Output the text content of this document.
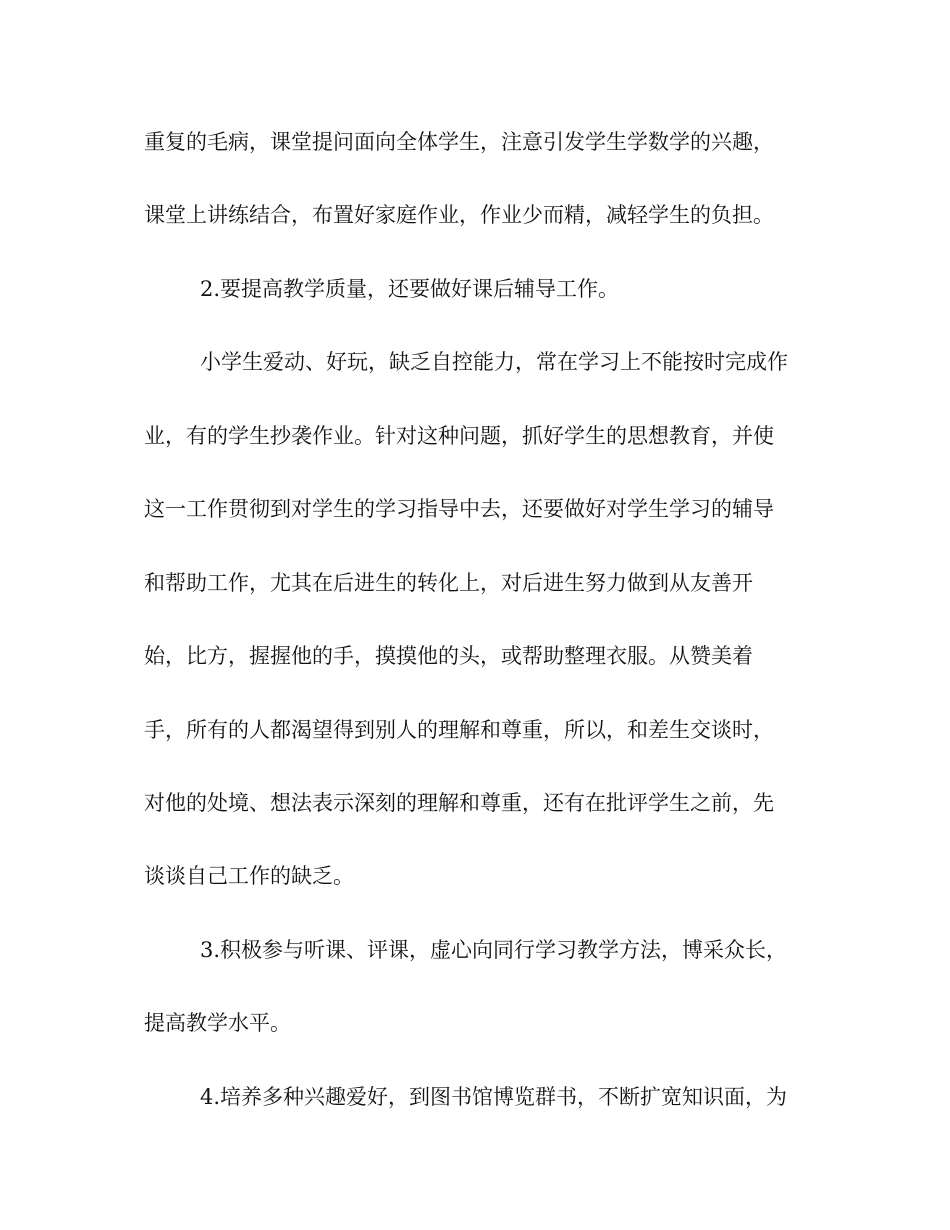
重复的毛病，课堂提问面向全体学生，注意引发学生学数学的兴趣，
课堂上讲练结合，布置好家庭作业，作业少而精，减轻学生的负担。
2.要提高教学质量，还要做好课后辅导工作。
小学生爱动、好玩，缺乏自控能力，常在学习上不能按时完成作
业，有的学生抄袭作业。针对这种问题，抓好学生的思想教育，并使
这一工作贯彻到对学生的学习指导中去，还要做好对学生学习的辅导
和帮助工作，尤其在后进生的转化上，对后进生努力做到从友善开
始，比方，握握他的手，摸摸他的头，或帮助整理衣服。从赞美着
手，所有的人都渴望得到别人的理解和尊重，所以，和差生交谈时，
对他的处境、想法表示深刻的理解和尊重，还有在批评学生之前，先
谈谈自己工作的缺乏。
3.积极参与听课、评课，虚心向同行学习教学方法，博采众长，
提高教学水平。
4.培养多种兴趣爱好，到图书馆博览群书，不断扩宽知识面，为
